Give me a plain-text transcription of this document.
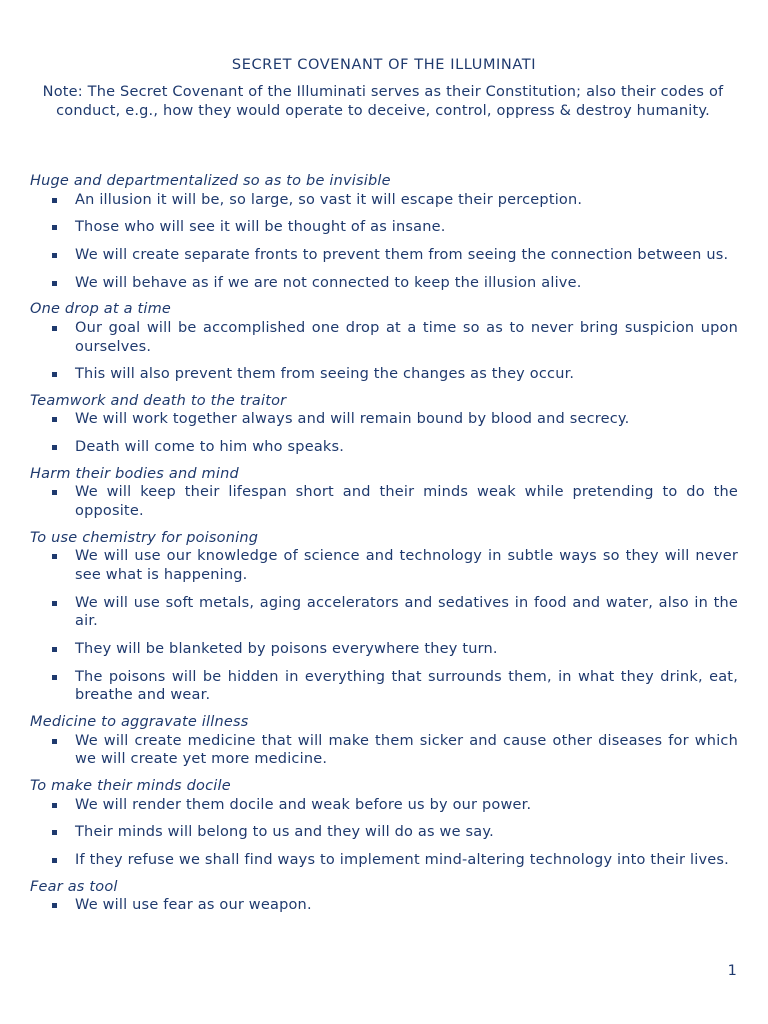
SECRET COVENANT OF THE ILLUMINATI
Note: The Secret Covenant of the Illuminati serves as their Constitution; also their codes of conduct, e.g., how they would operate to deceive, control, oppress & destroy humanity.
Huge and departmentalized so as to be invisible
An illusion it will be, so large, so vast it will escape their perception.
Those who will see it will be thought of as insane.
We will create separate fronts to prevent them from seeing the connection between us.
We will behave as if we are not connected to keep the illusion alive.
One drop at a time
Our goal will be accomplished one drop at a time so as to never bring suspicion upon ourselves.
This will also prevent them from seeing the changes as they occur.
Teamwork and death to the traitor
We will work together always and will remain bound by blood and secrecy.
Death will come to him who speaks.
Harm their bodies and mind
We will keep their lifespan short and their minds weak while pretending to do the opposite.
To use chemistry for poisoning
We will use our knowledge of science and technology in subtle ways so they will never see what is happening.
We will use soft metals, aging accelerators and sedatives in food and water, also in the air.
They will be blanketed by poisons everywhere they turn.
The poisons will be hidden in everything that surrounds them, in what they drink, eat, breathe and wear.
Medicine to aggravate illness
We will create medicine that will make them sicker and cause other diseases for which we will create yet more medicine.
To make their minds docile
We will render them docile and weak before us by our power.
Their minds will belong to us and they will do as we say.
If they refuse we shall find ways to implement mind-altering technology into their lives.
Fear as tool
We will use fear as our weapon.
1
